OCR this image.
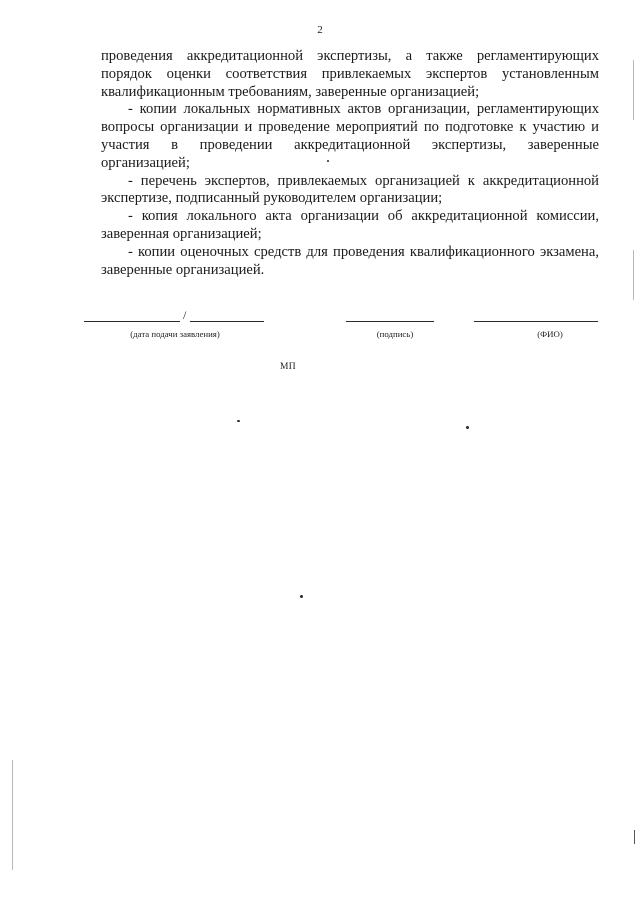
2

проведения аккредитационной экспертизы, а также регламентирующих порядок оценки соответствия привлекаемых экспертов установленным квалификационным требованиям, заверенные организацией;

- копии локальных нормативных актов организации, регламентирующих вопросы организации и проведение мероприятий по подготовке к участию и участия в проведении аккредитационной экспертизы, заверенные организацией;

- перечень экспертов, привлекаемых организацией к аккредитационной экспертизе, подписанный руководителем организации;

- копия локального акта организации об аккредитационной комиссии, заверенная организацией;

- копии оценочных средств для проведения квалификационного экзамена, заверенные организацией.

/
(дата подачи заявления)	(подпись)	(ФИО)
МП
